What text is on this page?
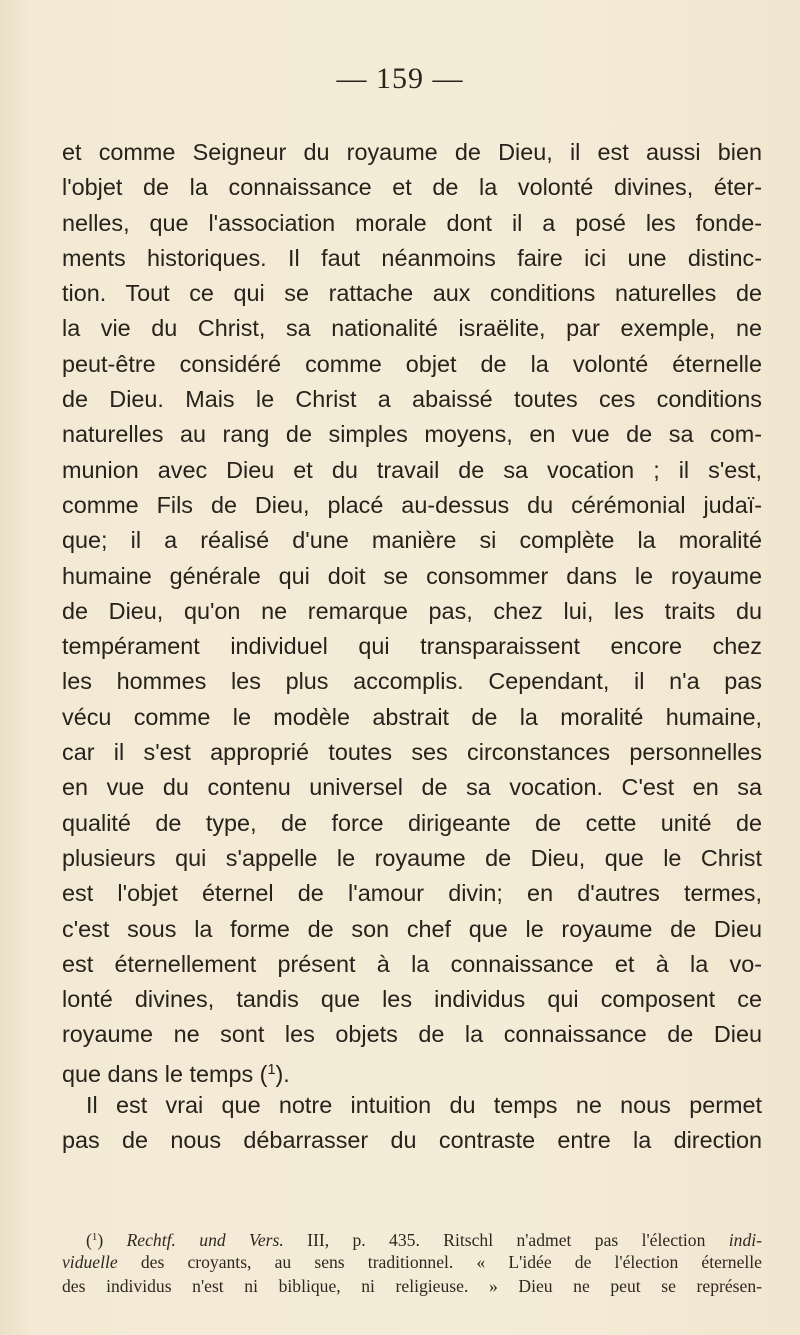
— 159 —
et comme Seigneur du royaume de Dieu, il est aussi bien
l'objet de la connaissance et de la volonté divines, éter-
nelles, que l'association morale dont il a posé les fonde-
ments historiques. Il faut néanmoins faire ici une distinc-
tion. Tout ce qui se rattache aux conditions naturelles de
la vie du Christ, sa nationalité israëlite, par exemple, ne
peut-être considéré comme objet de la volonté éternelle
de Dieu. Mais le Christ a abaissé toutes ces conditions
naturelles au rang de simples moyens, en vue de sa com-
munion avec Dieu et du travail de sa vocation ; il s'est,
comme Fils de Dieu, placé au-dessus du cérémonial judaï-
que; il a réalisé d'une manière si complète la moralité
humaine générale qui doit se consommer dans le royaume
de Dieu, qu'on ne remarque pas, chez lui, les traits du
tempérament individuel qui transparaissent encore chez
les hommes les plus accomplis. Cependant, il n'a pas
vécu comme le modèle abstrait de la moralité humaine,
car il s'est approprié toutes ses circonstances personnelles
en vue du contenu universel de sa vocation. C'est en sa
qualité de type, de force dirigeante de cette unité de
plusieurs qui s'appelle le royaume de Dieu, que le Christ
est l'objet éternel de l'amour divin; en d'autres termes,
c'est sous la forme de son chef que le royaume de Dieu
est éternellement présent à la connaissance et à la vo-
lonté divines, tandis que les individus qui composent ce
royaume ne sont les objets de la connaissance de Dieu
que dans le temps ($^1$).
Il est vrai que notre intuition du temps ne nous permet
pas de nous débarrasser du contraste entre la direction
($^1$) Rechtf. und Vers. III, p. 435. Ritschl n'admet pas l'élection indi-
viduelle des croyants, au sens traditionnel. « L'idée de l'élection éternelle
des individus n'est ni biblique, ni religieuse. » Dieu ne peut se représen-
